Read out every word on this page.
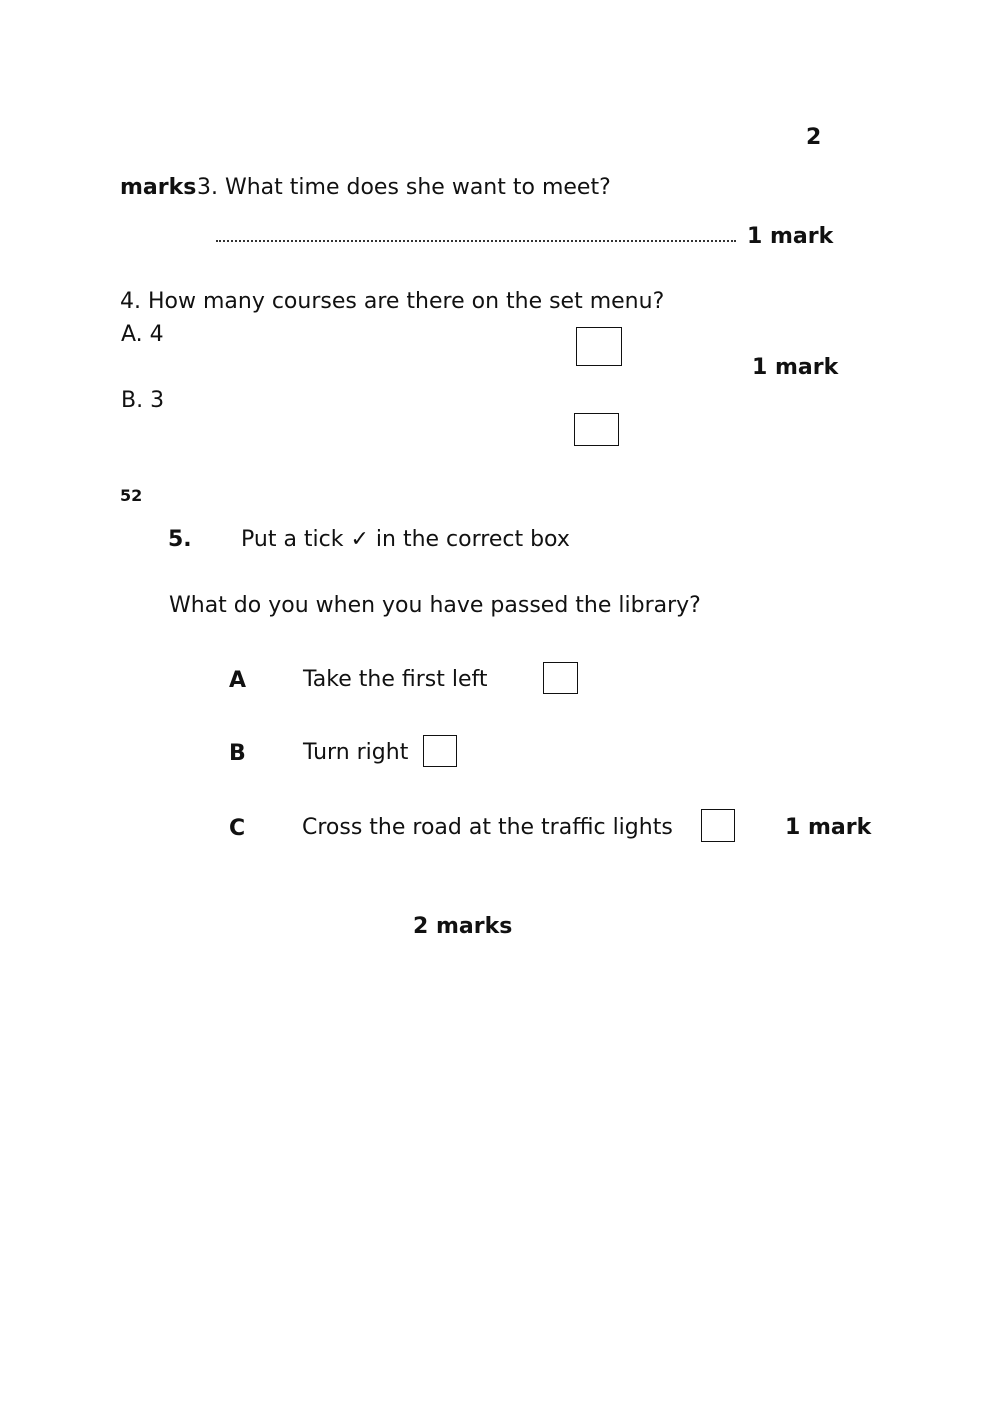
2
marks 3. What time does she want to meet?
1 mark
4. How many courses are there on the set menu?
A. 4
1 mark
B. 3
52
5. Put a tick ✓ in the correct box
What do you when you have passed the library?
A	Take the first left
B	Turn right
C	Cross the road at the traffic lights	1 mark
2 marks
